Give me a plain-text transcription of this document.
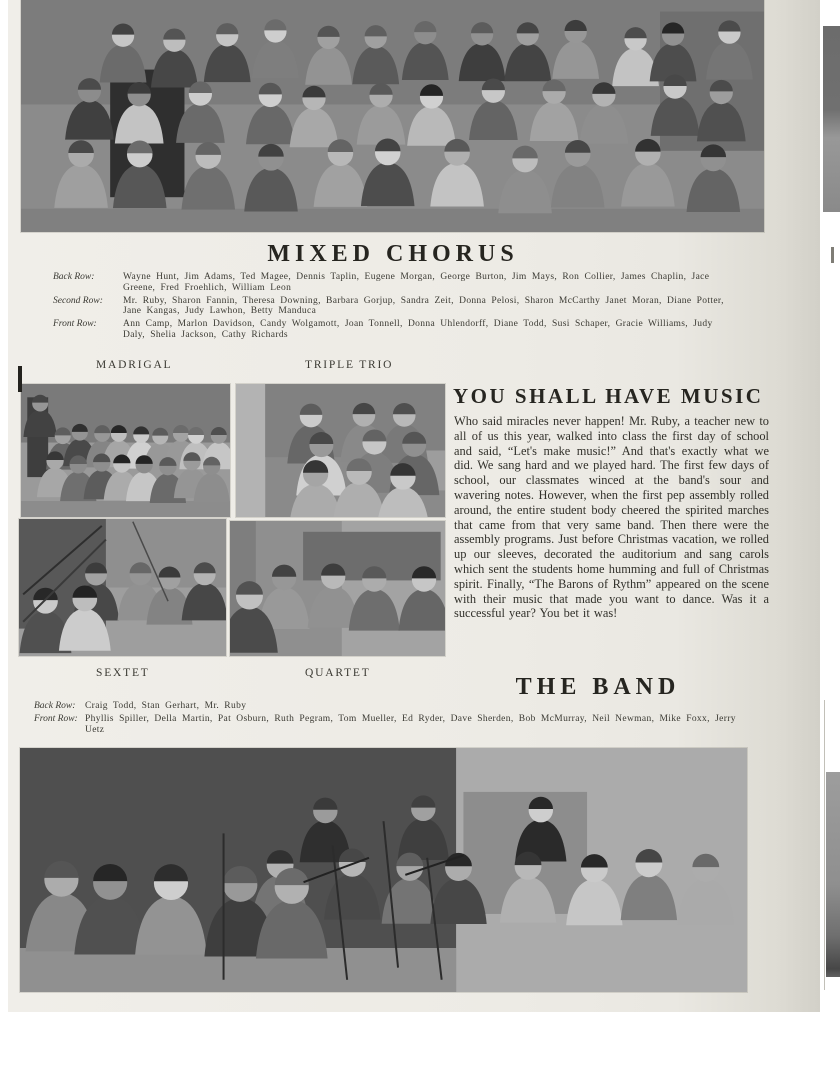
MIXED CHORUS
Back Row:	Wayne Hunt, Jim Adams, Ted Magee, Dennis Taplin, Eugene Morgan, George Burton, Jim Mays, Ron Collier, James Chaplin, Jace Greene, Fred Froehlich, William Leon
Second Row:	Mr. Ruby, Sharon Fannin, Theresa Downing, Barbara Gorjup, Sandra Zeit, Donna Pelosi, Sharon McCarthy Janet Moran, Diane Potter, Jane Kangas, Judy Lawhon, Betty Manduca
Front Row:	Ann Camp, Marlon Davidson, Candy Wolgamott, Joan Tonnell, Donna Uhlendorff, Diane Todd, Susi Schaper, Gracie Williams, Judy Daly, Shelia Jackson, Cathy Richards
MADRIGAL	TRIPLE TRIO
YOU SHALL HAVE MUSIC
Who said miracles never happen! Mr. Ruby, a teacher new to all of us this year, walked into class the first day of school and said, “Let's make music!” And that's exactly what we did. We sang hard and we played hard. The first few days of school, our classmates winced at the band's sour and wavering notes. However, when the first pep assembly rolled around, the entire student body cheered the spirited marches that came from that very same band. Then there were the assembly programs. Just before Christmas vacation, we rolled up our sleeves, decorated the auditorium and sang carols which sent the students home humming and full of Christmas spirit. Finally, “The Barons of Rythm” appeared on the scene with their music that made you want to dance. Was it a successful year? You bet it was!
SEXTET	QUARTET
THE BAND
Back Row:	Craig Todd, Stan Gerhart, Mr. Ruby
Front Row: Phyllis Spiller, Della Martin, Pat Osburn, Ruth Pegram, Tom Mueller, Ed Ryder, Dave Sherden, Bob McMurray, Neil Newman, Mike Foxx, Jerry Uetz
